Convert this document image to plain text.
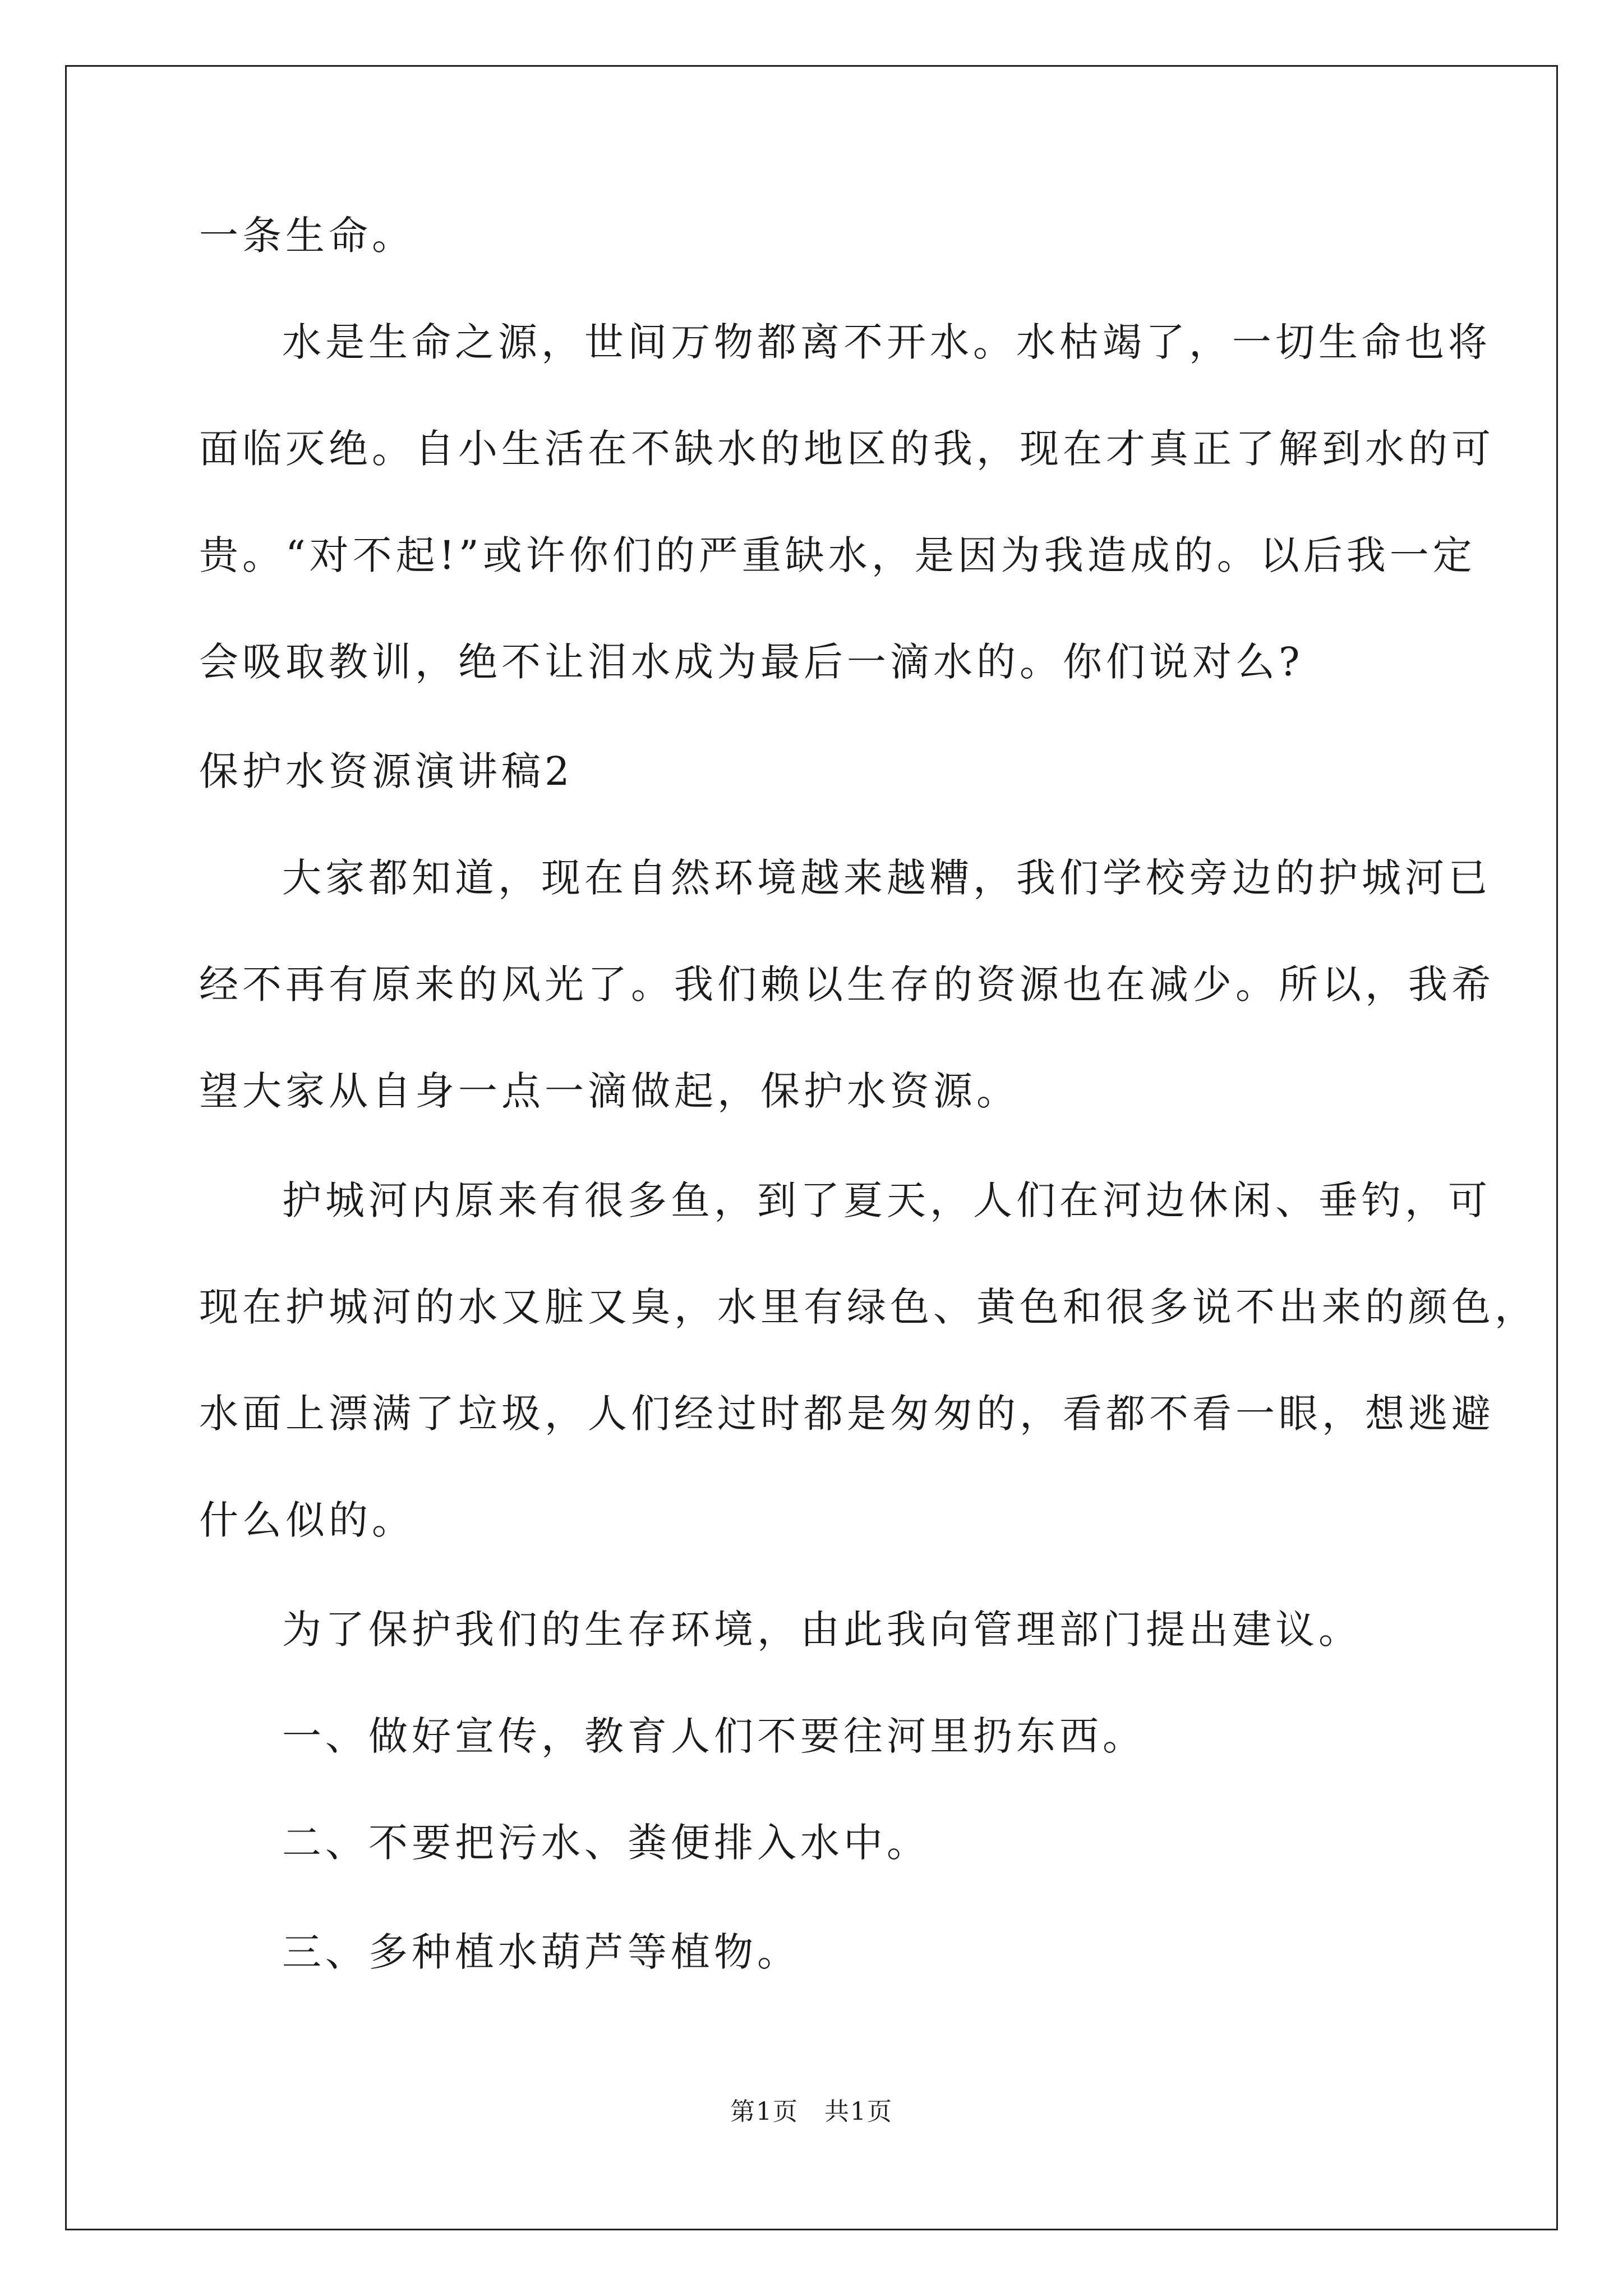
一条生命。

水是生命之源，世间万物都离不开水。水枯竭了，一切生命也将

面临灭绝。自小生活在不缺水的地区的我，现在才真正了解到水的可

贵。“对不起!”或许你们的严重缺水，是因为我造成的。以后我一定

会吸取教训，绝不让泪水成为最后一滴水的。你们说对么?

保护水资源演讲稿2

大家都知道，现在自然环境越来越糟，我们学校旁边的护城河已

经不再有原来的风光了。我们赖以生存的资源也在减少。所以，我希

望大家从自身一点一滴做起，保护水资源。

护城河内原来有很多鱼，到了夏天，人们在河边休闲、垂钓，可

现在护城河的水又脏又臭，水里有绿色、黄色和很多说不出来的颜色，

水面上漂满了垃圾，人们经过时都是匆匆的，看都不看一眼，想逃避

什么似的。

为了保护我们的生存环境，由此我向管理部门提出建议。

一、做好宣传，教育人们不要往河里扔东西。

二、不要把污水、粪便排入水中。

三、多种植水葫芦等植物。

第1页　共1页
